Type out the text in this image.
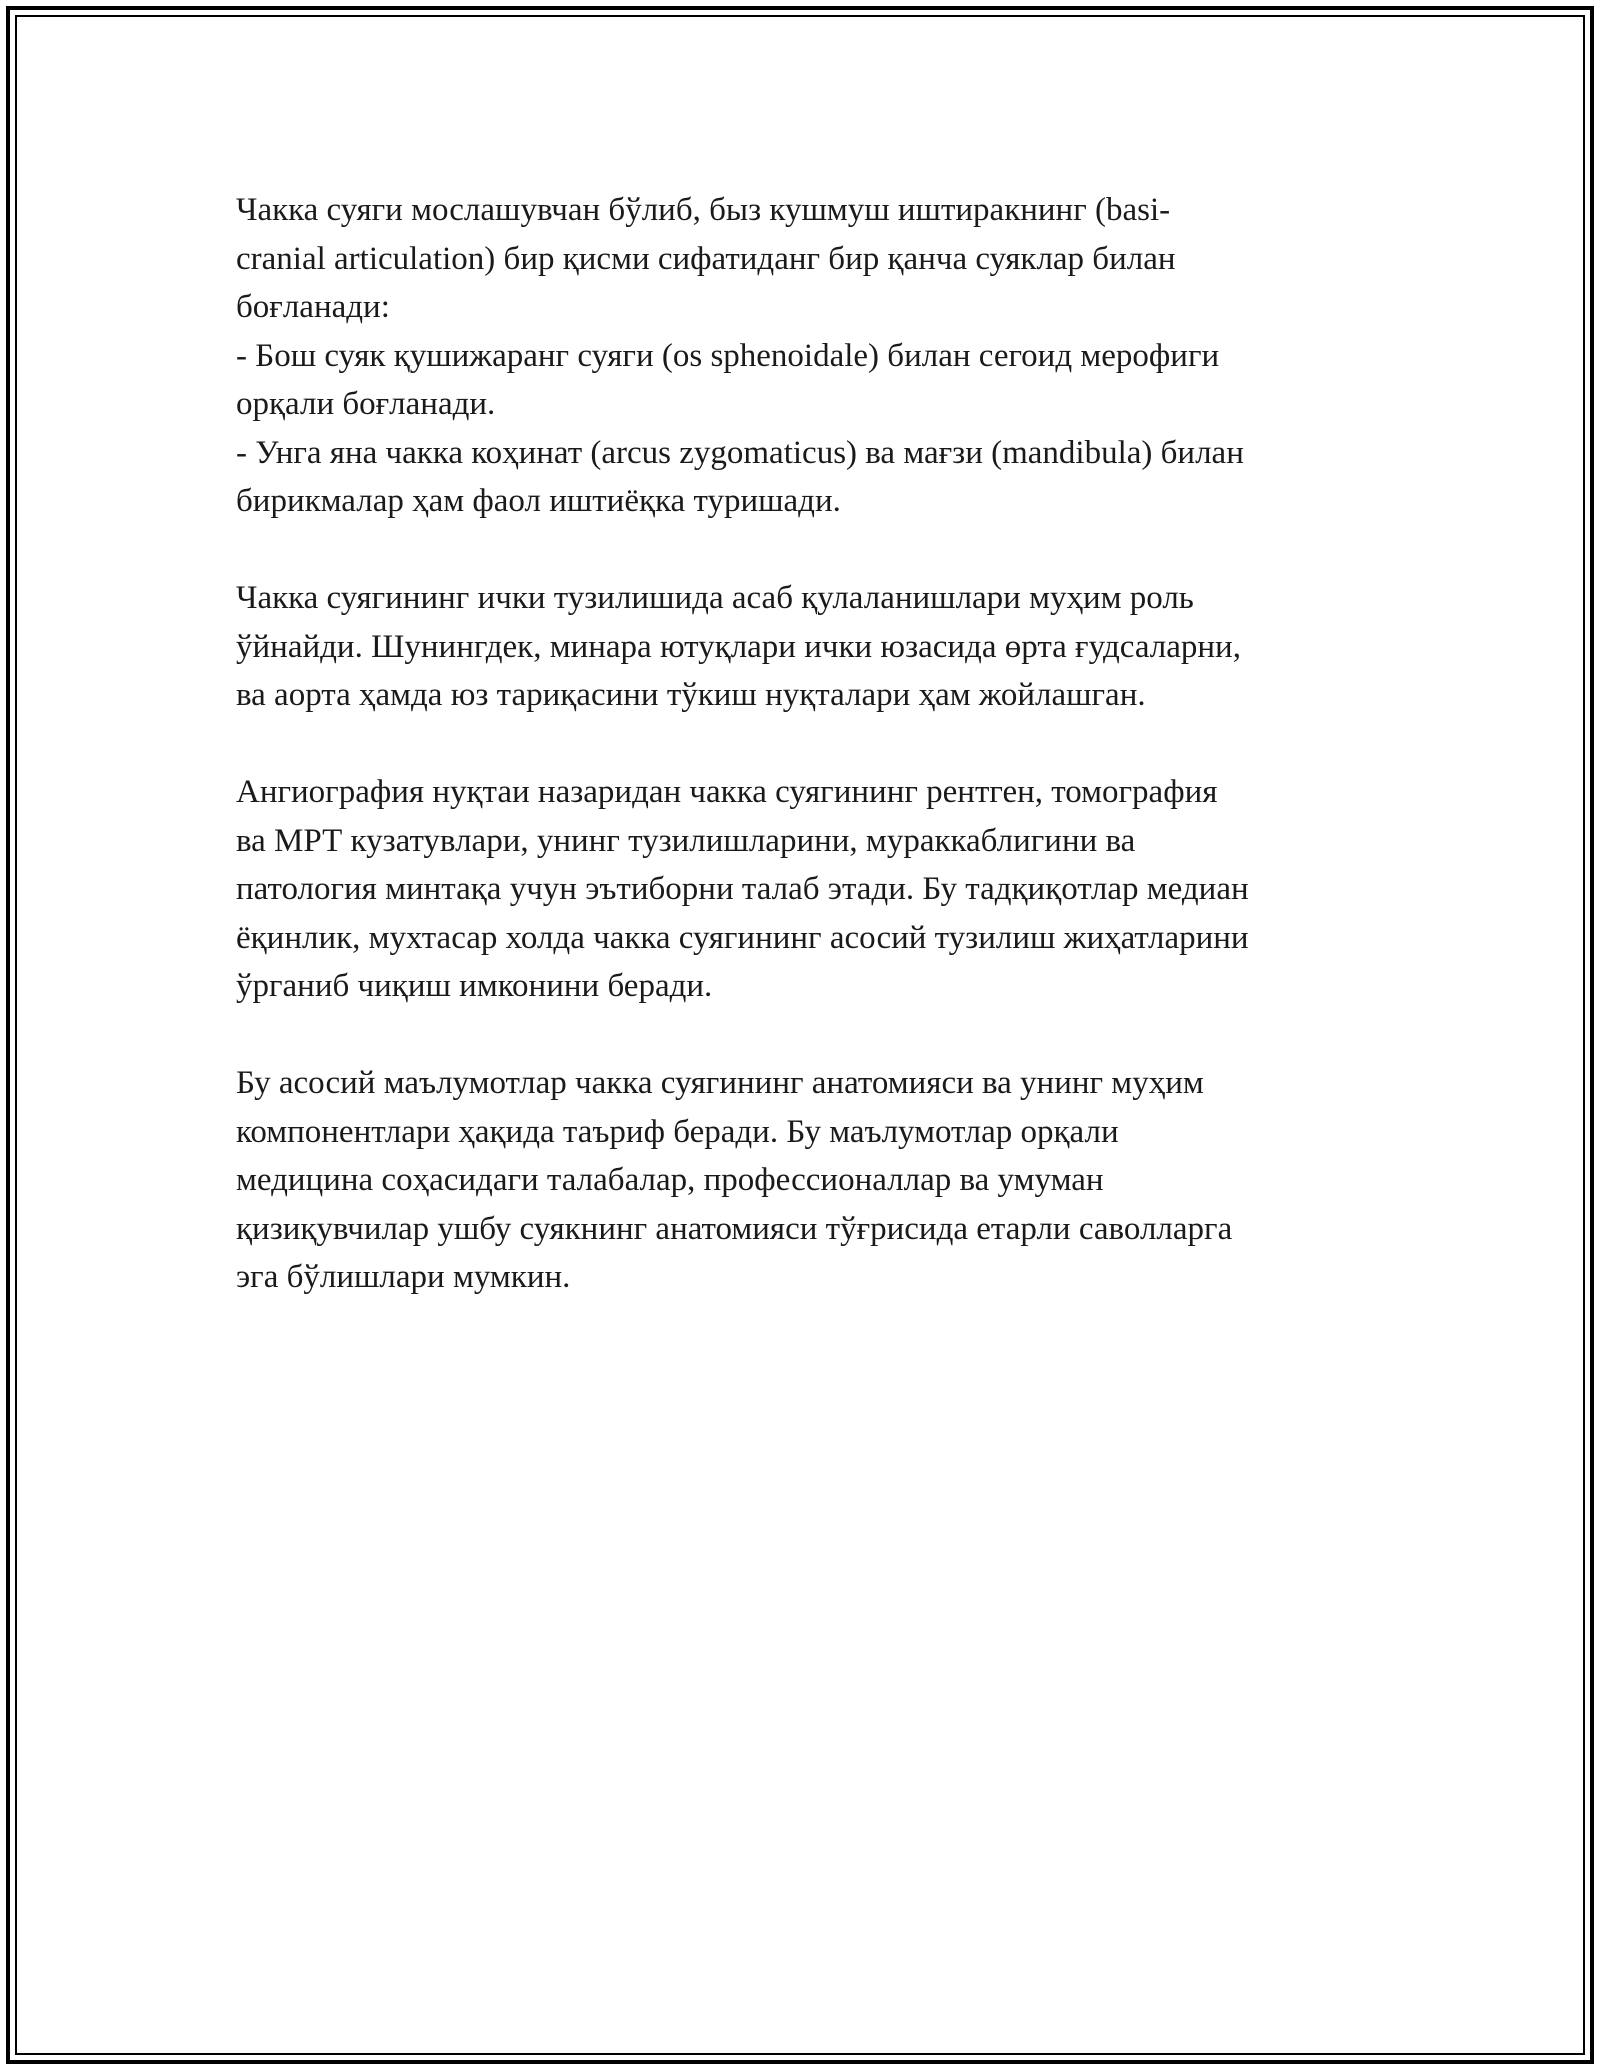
Чакка суяги мослашувчан бўлиб, быз кушмуш иштиракнинг (basi-
cranial articulation) бир қисми сифатиданг бир қанча суяклар билан
боғланади:
- Бош суяк қушижаранг суяги (os sphenoidale) билан сегоид мерофиги
орқали боғланади.
- Унга яна чакка коҳинат (arcus zygomaticus) ва мағзи (mandibula) билан
бирикмалар ҳам фаол иштиёқка туришади.

Чакка суягининг ички тузилишида асаб қулаланишлари муҳим роль
ўйнайди. Шунингдек, минара ютуқлари ички юзасида өрта ғудсаларни,
ва аорта ҳамда юз тариқасини тўкиш нуқталари ҳам жойлашган.

Ангиография нуқтаи назаридан чакка суягининг рентген, томография
ва МРТ кузатувлари, унинг тузилишларини, мураккаблигини ва
патология минтақа учун эътиборни талаб этади. Бу тадқиқотлар медиан
ёқинлик, мухтасар холда чакка суягининг асосий тузилиш жиҳатларини
ўрганиб чиқиш имконини беради.

Бу асосий маълумотлар чакка суягининг анатомияси ва унинг муҳим
компонентлари ҳақида таъриф беради. Бу маълумотлар орқали
медицина соҳасидаги талабалар, профессионаллар ва умуман
қизиқувчилар ушбу суякнинг анатомияси тўғрисида етарли саволларга
эга бўлишлари мумкин.
